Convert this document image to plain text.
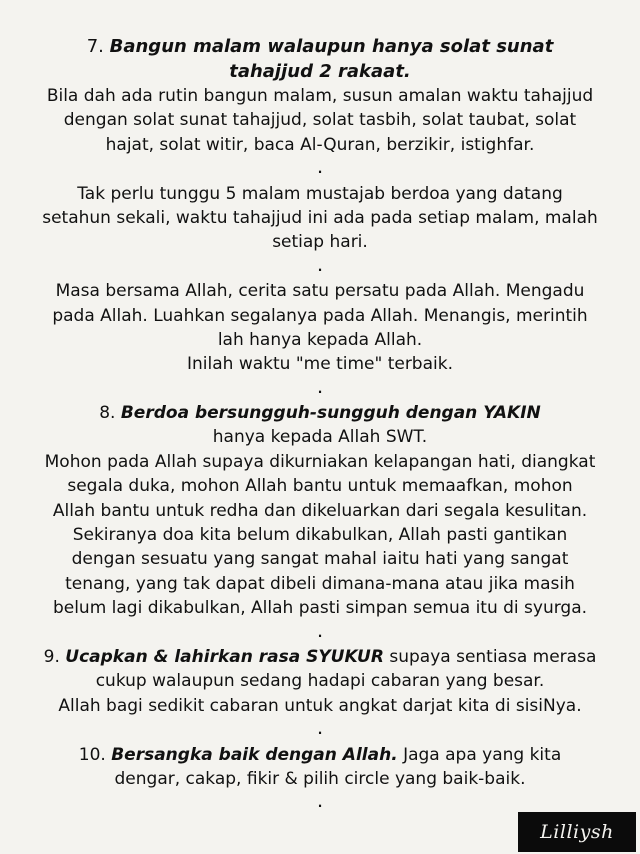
7. Bangun malam walaupun hanya solat sunat
tahajjud 2 rakaat.
Bila dah ada rutin bangun malam, susun amalan waktu tahajjud
dengan solat sunat tahajjud, solat tasbih, solat taubat, solat
hajat, solat witir, baca Al-Quran, berzikir, istighfar.
.
Tak perlu tunggu 5 malam mustajab berdoa yang datang
setahun sekali, waktu tahajjud ini ada pada setiap malam, malah
setiap hari.
.
Masa bersama Allah, cerita satu persatu pada Allah. Mengadu
pada Allah. Luahkan segalanya pada Allah. Menangis, merintih
lah hanya kepada Allah.
Inilah waktu "me time" terbaik.
.
8. Berdoa bersungguh-sungguh dengan YAKIN
hanya kepada Allah SWT.
Mohon pada Allah supaya dikurniakan kelapangan hati, diangkat
segala duka, mohon Allah bantu untuk memaafkan, mohon
Allah bantu untuk redha dan dikeluarkan dari segala kesulitan.
Sekiranya doa kita belum dikabulkan, Allah pasti gantikan
dengan sesuatu yang sangat mahal iaitu hati yang sangat
tenang, yang tak dapat dibeli dimana-mana atau jika masih
belum lagi dikabulkan, Allah pasti simpan semua itu di syurga.
.
9. Ucapkan & lahirkan rasa SYUKUR supaya sentiasa merasa
cukup walaupun sedang hadapi cabaran yang besar.
Allah bagi sedikit cabaran untuk angkat darjat kita di sisiNya.
.
10. Bersangka baik dengan Allah. Jaga apa yang kita
dengar, cakap, fikir & pilih circle yang baik-baik.
.
Lilliysh
